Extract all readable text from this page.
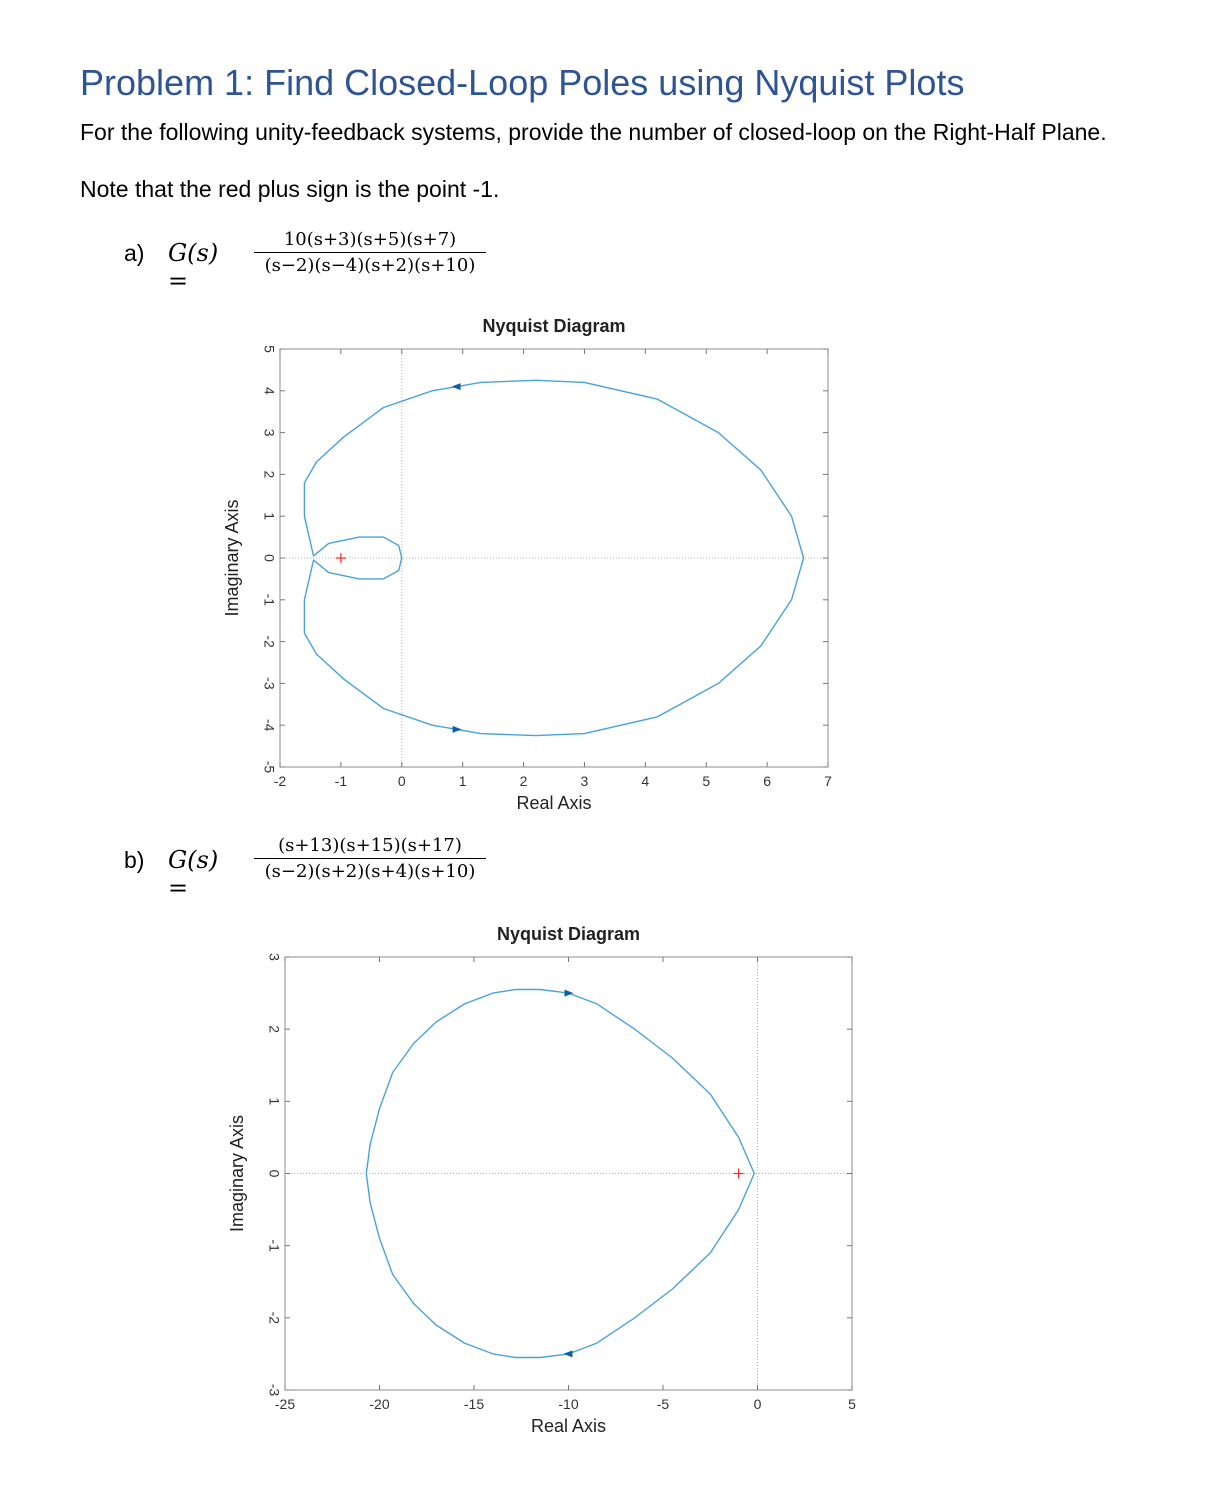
Problem 1: Find Closed-Loop Poles using Nyquist Plots
For the following unity-feedback systems, provide the number of closed-loop on the Right-Half Plane.
Note that the red plus sign is the point -1.
a) G(s) =
10(s+3)(s+5)(s+7)
(s−2)(s−4)(s+2)(s+10)
Nyquist Diagram
-2	-1	0	1	2	3	4	5	6	7
-5
-4
-3
-2
-1
0
1
2
3
4
5
Real Axis
Imaginary Axis
b) G(s) =
(s+13)(s+15)(s+17)
(s−2)(s+2)(s+4)(s+10)
Nyquist Diagram
-25	-20	-15	-10	-5	0	5
-3
-2
-1
0
1
2
3
Real Axis
Imaginary Axis
